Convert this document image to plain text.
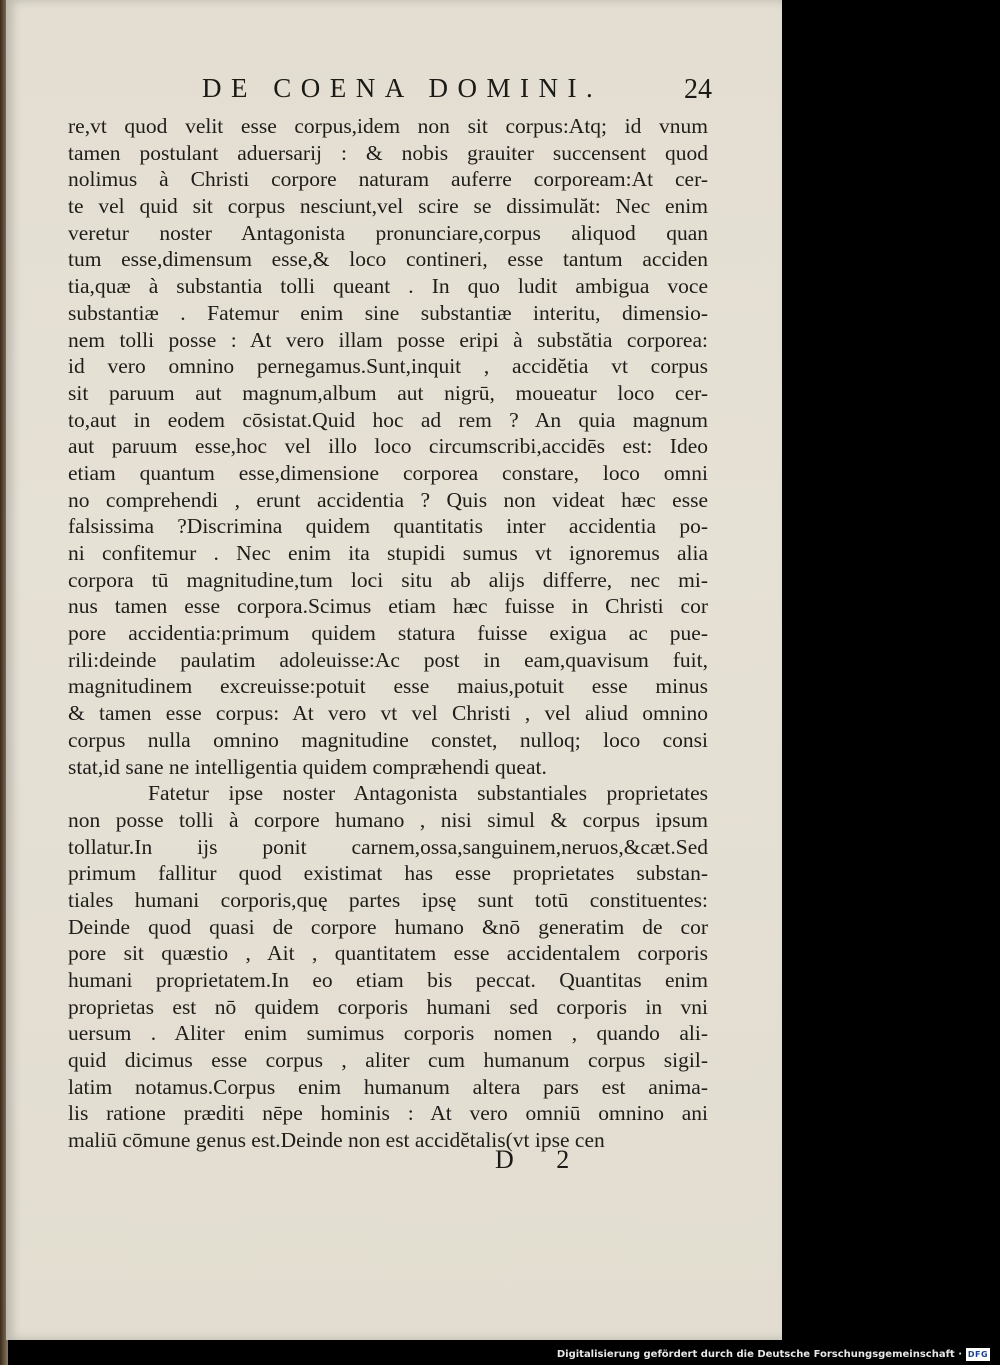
DE COENA DOMINI.	24
re,vt quod velit esse corpus,idem non sit corpus:Atq; id vnum
tamen postulant aduersarij : & nobis grauiter succensent quod
nolimus à Christi corpore naturam auferre corpoream:At cer-
te vel quid sit corpus nesciunt,vel scire se dissimulăt: Nec enim
veretur noster Antagonista pronunciare,corpus aliquod quan
tum esse,dimensum esse,& loco contineri, esse tantum acciden
tia,quæ à substantia tolli queant . In quo ludit ambigua voce
substantiæ . Fatemur enim sine substantiæ interitu, dimensio-
nem tolli posse : At vero illam posse eripi à substătia corporea:
id vero omnino pernegamus.Sunt,inquit , accidĕtia vt corpus
sit paruum aut magnum,album aut nigrū, moueatur loco cer-
to,aut in eodem cōsistat.Quid hoc ad rem ? An quia magnum
aut paruum esse,hoc vel illo loco circumscribi,accidēs est: Ideo
etiam quantum esse,dimensione corporea constare, loco omni
no comprehendi , erunt accidentia ? Quis non videat hæc esse
falsissima ?Discrimina quidem quantitatis inter accidentia po-
ni confitemur . Nec enim ita stupidi sumus vt ignoremus alia
corpora tū magnitudine,tum loci situ ab alijs differre, nec mi-
nus tamen esse corpora.Scimus etiam hæc fuisse in Christi cor
pore accidentia:primum quidem statura fuisse exigua ac pue-
rili:deinde paulatim adoleuisse:Ac post in eam,quavisum fuit,
magnitudinem excreuisse:potuit esse maius,potuit esse minus
& tamen esse corpus: At vero vt vel Christi , vel aliud omnino
corpus nulla omnino magnitudine constet, nulloq; loco consi
stat,id sane ne intelligentia quidem compræhendi queat.
Fatetur ipse noster Antagonista substantiales proprietates
non posse tolli à corpore humano , nisi simul & corpus ipsum
tollatur.In ijs ponit carnem,ossa,sanguinem,neruos,&cæt.Sed
primum fallitur quod existimat has esse proprietates substan-
tiales humani corporis,quę partes ipsę sunt totū constituentes:
Deinde quod quasi de corpore humano &nō generatim de cor
pore sit quæstio , Ait , quantitatem esse accidentalem corporis
humani proprietatem.In eo etiam bis peccat. Quantitas enim
proprietas est nō quidem corporis humani sed corporis in vni
uersum . Aliter enim sumimus corporis nomen , quando ali-
quid dicimus esse corpus , aliter cum humanum corpus sigil-
latim notamus.Corpus enim humanum altera pars est anima-
lis ratione præditi nēpe hominis : At vero omniū omnino ani
maliū cōmune genus est.Deinde non est accidĕtalis(vt ipse cen
D 2
Digitalisierung gefördert durch die Deutsche Forschungsgemeinschaft · DFG
